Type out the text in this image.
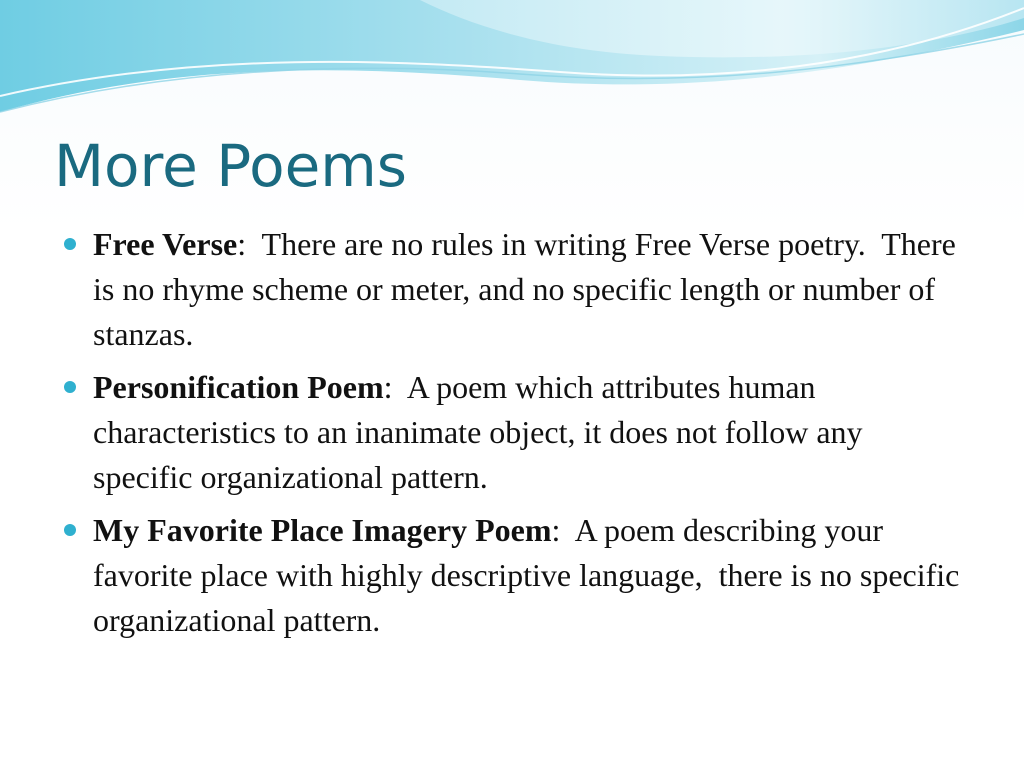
More Poems
Free Verse:  There are no rules in writing Free Verse poetry.  There is no rhyme scheme or meter, and no specific length or number of stanzas.
Personification Poem:  A poem which attributes human characteristics to an inanimate object, it does not follow any specific organizational pattern.
My Favorite Place Imagery Poem:  A poem describing your favorite place with highly descriptive language,  there is no specific organizational pattern.
